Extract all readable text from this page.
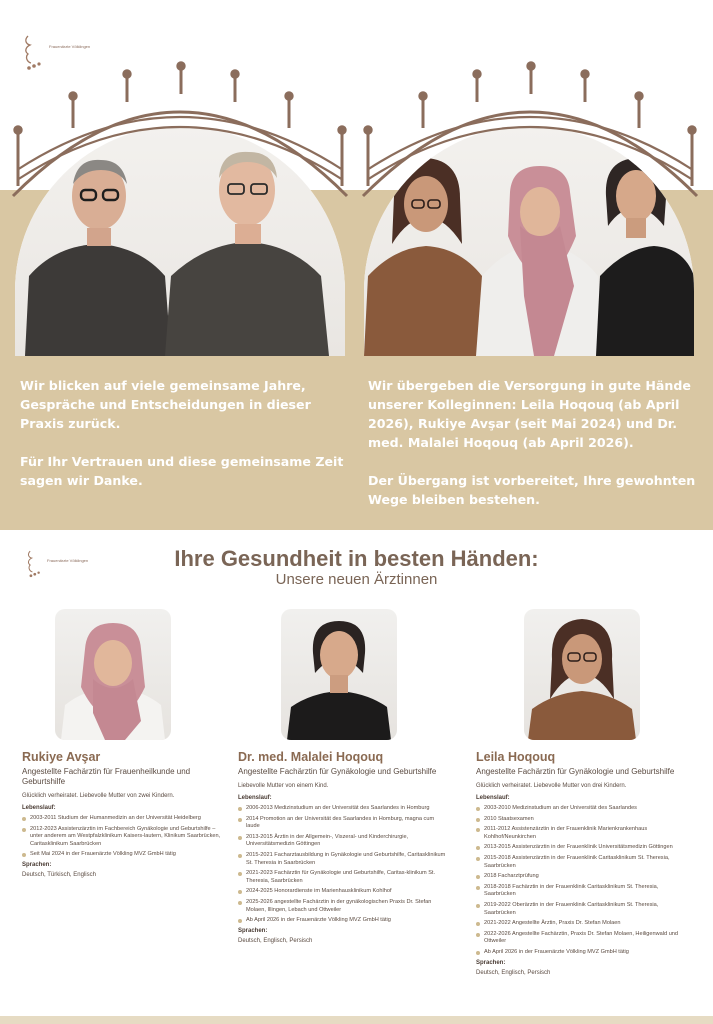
Frauenärzte Völklingen

Wir blicken auf viele gemeinsame Jahre, Gespräche und Entscheidungen in dieser Praxis zurück.

Für Ihr Vertrauen und diese gemeinsame Zeit sagen wir Danke.

Wir übergeben die Versorgung in gute Hände unserer Kolleginnen: Leila Hoqouq (ab April 2026), Rukiye Avşar (seit Mai 2024) und Dr. med. Malalei Hoqouq (ab April 2026).

Der Übergang ist vorbereitet, Ihre gewohnten Wege bleiben bestehen.

Frauenärzte Völklingen	Ihre Gesundheit in besten Händen:
Unsere neuen Ärztinnen
Rukiye Avşar
Angestellte Fachärztin für Frauenheilkunde und Geburtshilfe
Glücklich verheiratet. Liebevolle Mutter von zwei Kindern.
Lebenslauf:
2003-2011 Studium der Humanmedizin an der Universität Heidelberg
2012-2023 Assistenzärztin im Fachbereich Gynäkologie und Geburtshilfe – unter anderem am Westpfalzklinikum Kaisers-lautern, Klinikum Saarbrücken, Caritasklinikum Saarbrücken
Seit Mai 2024 in der Frauenärzte Völkling MVZ GmbH tätig
Sprachen:
Deutsch, Türkisch, Englisch
Dr. med. Malalei Hoqouq
Angestellte Fachärztin für Gynäkologie und Geburtshilfe
Liebevolle Mutter von einem Kind.
Lebenslauf:
2006-2013 Medizinstudium an der Universität des Saarlandes in Homburg
2014 Promotion an der Universität des Saarlandes in Homburg, magna cum laude
2013-2015 Ärztin in der Allgemein-, Viszeral- und Kinderchirurgie, Universitätsmedizin Göttingen
2015-2021 Facharztausbildung in Gynäkologie und Geburtshilfe, Caritasklinikum St. Theresia in Saarbrücken
2021-2023 Fachärztin für Gynäkologie und Geburtshilfe, Caritas-klinikum St. Theresia, Saarbrücken
2024-2025 Honorardienste im Marienhausklinikum Kohlhof
2025-2026 angestellte Fachärztin in der gynäkologischen Praxis Dr. Stefan Molaen, Illingen, Lebach und Ottweiler
Ab April 2026 in der Frauenärzte Völkling MVZ GmbH tätig
Sprachen:
Deutsch, Englisch, Persisch
Leila Hoqouq
Angestellte Fachärztin für Gynäkologie und Geburtshilfe
Glücklich verheiratet. Liebevolle Mutter von drei Kindern.
Lebenslauf:
2003-2010 Medizinstudium an der Universität des Saarlandes
2010 Staatsexamen
2011-2012 Assistenzärztin in der Frauenklinik Marienkrankenhaus Kohlhof/Neunkirchen
2013-2015 Assistenzärztin in der Frauenklinik Universitätsmedizin Göttingen
2015-2018 Assistenzärztin in der Frauenklinik Caritasklinikum St. Theresia, Saarbrücken
2018 Facharztprüfung
2018-2018 Fachärztin in der Frauenklinik Caritasklinikum St. Theresia, Saarbrücken
2019-2022 Oberärztin in der Frauenklinik Caritasklinikum St. Theresia, Saarbrücken
2021-2022 Angestellte Ärztin, Praxis Dr. Stefan Molaen
2022-2026 Angestellte Fachärztin, Praxis Dr. Stefan Molaen, Heiligenwald und Ottweiler
Ab April 2026 in der Frauenärzte Völkling MVZ GmbH tätig
Sprachen:
Deutsch, Englisch, Persisch
